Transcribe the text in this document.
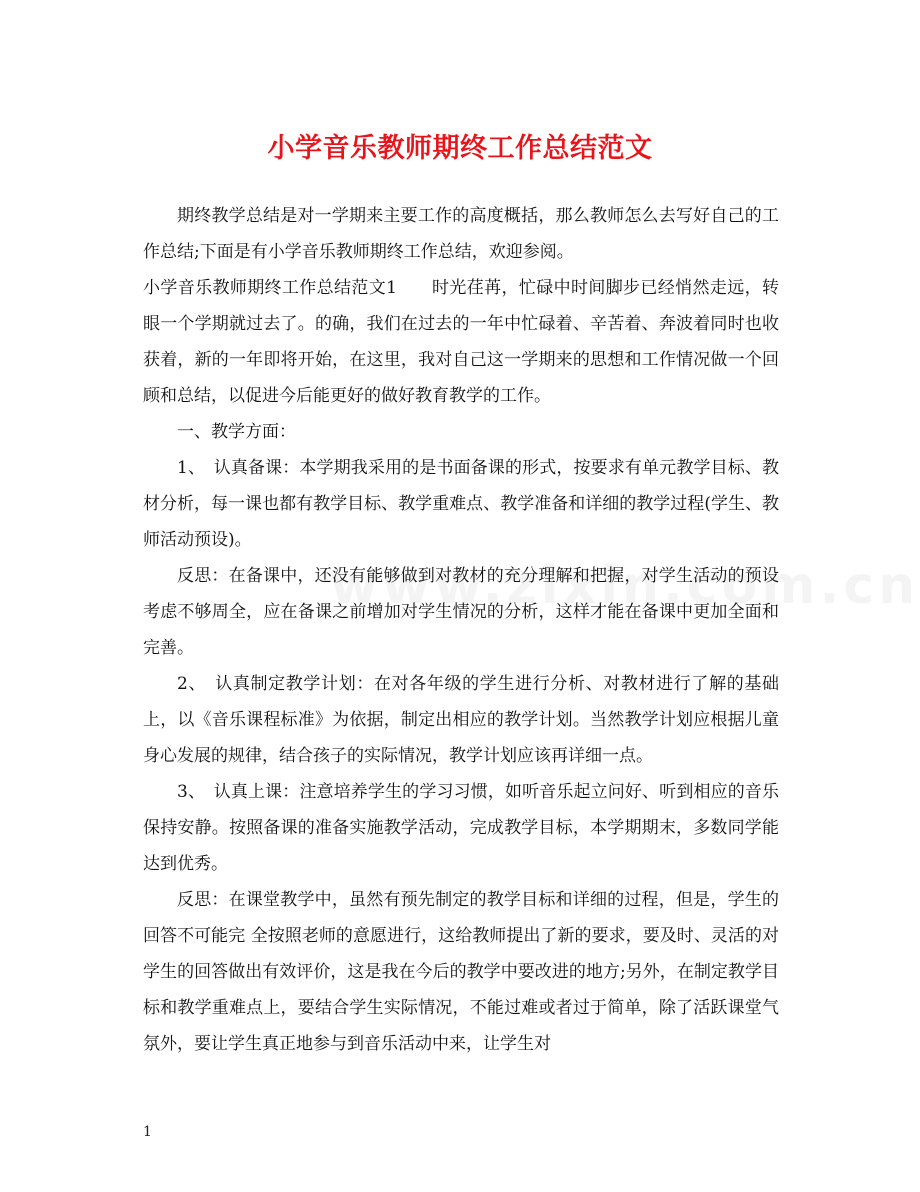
小学音乐教师期终工作总结范文

期终教学总结是对一学期来主要工作的高度概括，那么教师怎么去写好自己的工作总结;下面是有小学音乐教师期终工作总结，欢迎参阅。

小学音乐教师期终工作总结范文1　　时光荏苒，忙碌中时间脚步已经悄然走远，转眼一个学期就过去了。的确，我们在过去的一年中忙碌着、辛苦着、奔波着同时也收获着，新的一年即将开始，在这里，我对自己这一学期来的思想和工作情况做一个回顾和总结，以促进今后能更好的做好教育教学的工作。

一、教学方面：

1、　认真备课：本学期我采用的是书面备课的形式，按要求有单元教学目标、教材分析，每一课也都有教学目标、教学重难点、教学准备和详细的教学过程(学生、教师活动预设)。

反思：在备课中，还没有能够做到对教材的充分理解和把握，对学生活动的预设考虑不够周全，应在备课之前增加对学生情况的分析，这样才能在备课中更加全面和完善。

2、　认真制定教学计划：在对各年级的学生进行分析、对教材进行了解的基础上，以《音乐课程标准》为依据，制定出相应的教学计划。当然教学计划应根据儿童身心发展的规律，结合孩子的实际情况，教学计划应该再详细一点。

3、　认真上课：注意培养学生的学习习惯，如听音乐起立问好、听到相应的音乐保持安静。按照备课的准备实施教学活动，完成教学目标，本学期期末，多数同学能达到优秀。

反思：在课堂教学中，虽然有预先制定的教学目标和详细的过程，但是，学生的回答不可能完 全按照老师的意愿进行，这给教师提出了新的要求，要及时、灵活的对学生的回答做出有效评价，这是我在今后的教学中要改进的地方;另外，在制定教学目标和教学重难点上，要结合学生实际情况，不能过难或者过于简单，除了活跃课堂气氛外，要让学生真正地参与到音乐活动中来，让学生对

1
